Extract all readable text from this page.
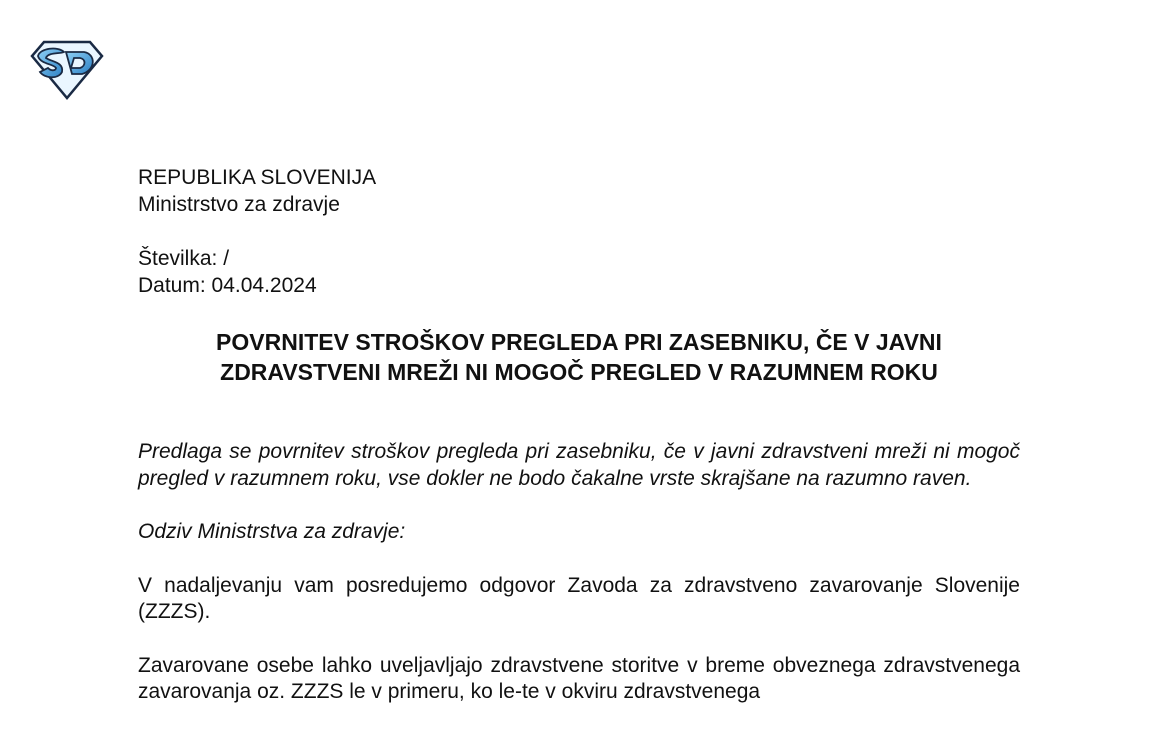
REPUBLIKA SLOVENIJA

Ministrstvo za zdravje

Številka: /

Datum: 04.04.2024

POVRNITEV STROŠKOV PREGLEDA PRI ZASEBNIKU, ČE V JAVNI

ZDRAVSTVENI MREŽI NI MOGOČ PREGLED V RAZUMNEM ROKU

Predlaga se povrnitev stroškov pregleda pri zasebniku, če v javni zdravstveni mreži ni mogoč pregled v razumnem roku, vse dokler ne bodo čakalne vrste skrajšane na razumno raven.

Odziv Ministrstva za zdravje:

V nadaljevanju vam posredujemo odgovor Zavoda za zdravstveno zavarovanje Slovenije (ZZZS).

Zavarovane osebe lahko uveljavljajo zdravstvene storitve v breme obveznega zdravstvenega zavarovanja oz. ZZZS le v primeru, ko le-te v okviru zdravstvenega
